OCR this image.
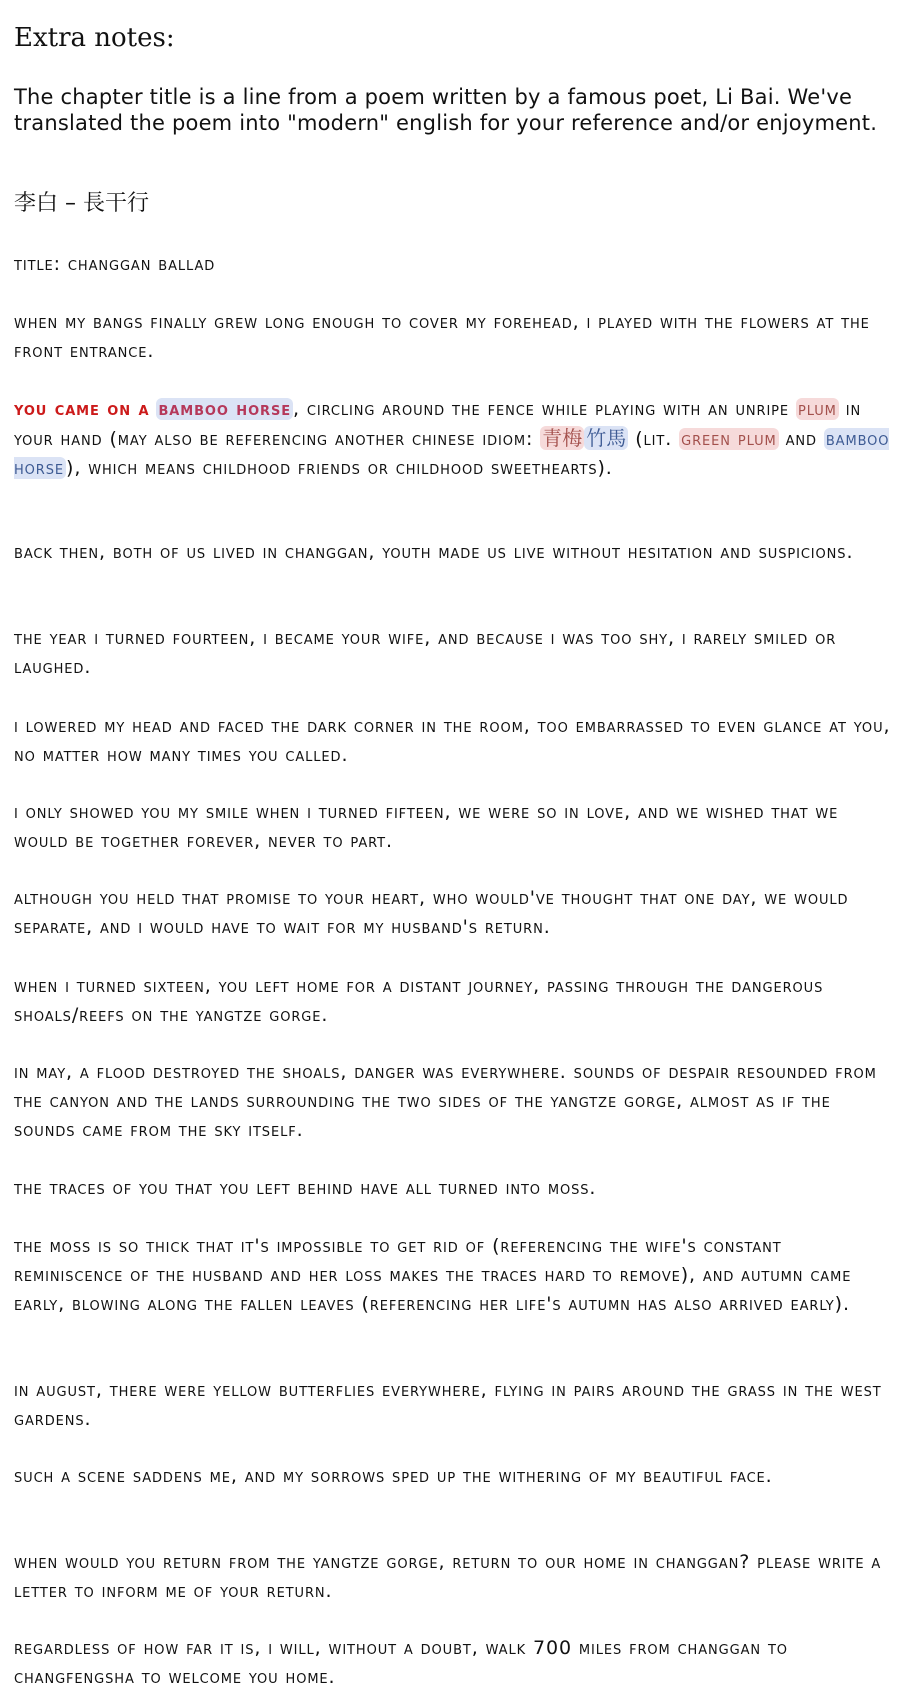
Extra notes:
The chapter title is a line from a poem written by a famous poet, Li Bai. We've translated the poem into "modern" english for your reference and/or enjoyment.
李白 – 長干行

title: changgan ballad

when my bangs finally grew long enough to cover my forehead, i played with the flowers at the front entrance.

you came on a bamboo horse , circling around the fence while playing with an unripe plum in your hand (may also be referencing another chinese idiom: 青梅 竹馬 (lit. green plum and bamboo horse ), which means childhood friends or childhood sweethearts).

back then, both of us lived in changgan, youth made us live without hesitation and suspicions.

the year i turned fourteen, i became your wife, and because i was too shy, i rarely smiled or laughed.

i lowered my head and faced the dark corner in the room, too embarrassed to even glance at you, no matter how many times you called.

i only showed you my smile when i turned fifteen, we were so in love, and we wished that we would be together forever, never to part.

although you held that promise to your heart, who would've thought that one day, we would separate, and i would have to wait for my husband's return.

when i turned sixteen, you left home for a distant journey, passing through the dangerous shoals/reefs on the yangtze gorge.

in may, a flood destroyed the shoals, danger was everywhere. sounds of despair resounded from the canyon and the lands surrounding the two sides of the yangtze gorge, almost as if the sounds came from the sky itself.

the traces of you that you left behind have all turned into moss.

the moss is so thick that it's impossible to get rid of (referencing the wife's constant reminiscence of the husband and her loss makes the traces hard to remove), and autumn came early, blowing along the fallen leaves (referencing her life's autumn has also arrived early).

in august, there were yellow butterflies everywhere, flying in pairs around the grass in the west gardens.

such a scene saddens me, and my sorrows sped up the withering of my beautiful face.

when would you return from the yangtze gorge, return to our home in changgan? please write a letter to inform me of your return.

regardless of how far it is, i will, without a doubt, walk 700 miles from changgan to changfengsha to welcome you home.
